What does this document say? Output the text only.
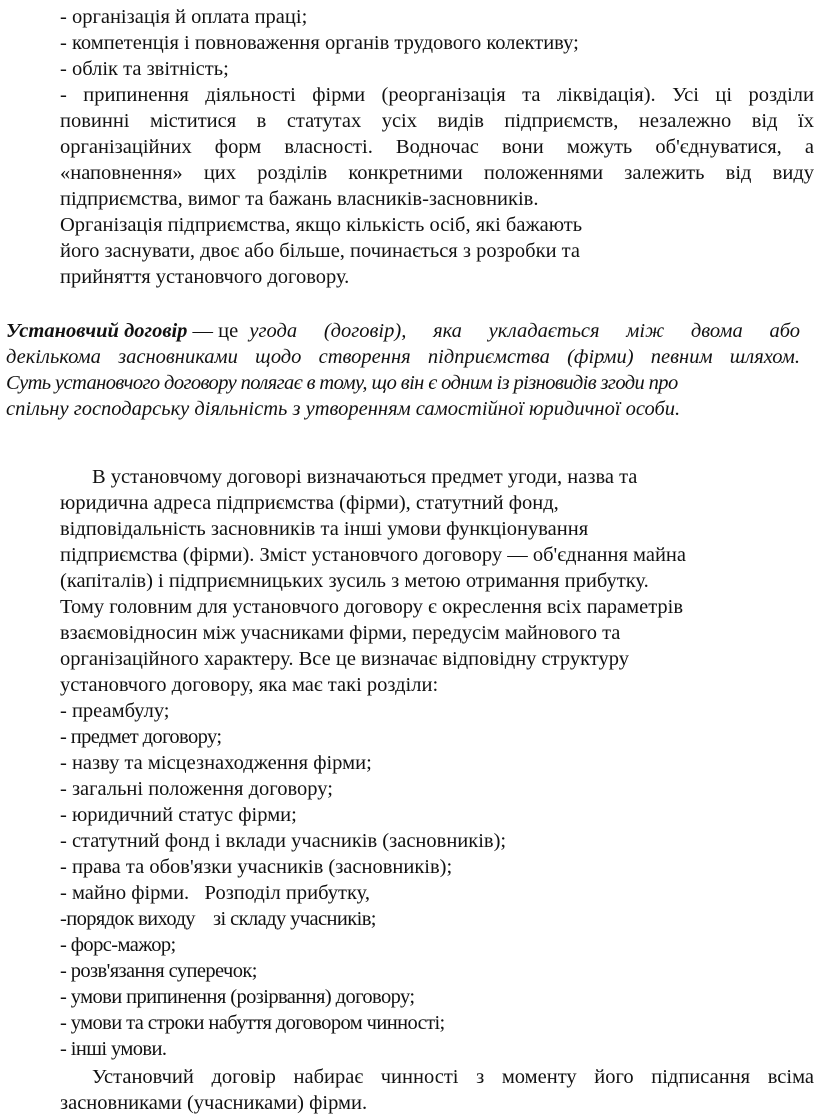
- організація й оплата праці;
- компетенція і повноваження органів трудового колективу;
- облік та звітність;
- припинення діяльності фірми (реорганізація та ліквідація). Усі ці розділи
повинні міститися в статутах усіх видів підприємств, незалежно від їх
організаційних форм власності. Водночас вони можуть об'єднуватися, а
«наповнення» цих розділів конкретними положеннями залежить від виду
підприємства, вимог та бажань власників-засновників.
Організація підприємства, якщо кількість осіб, які бажають
його заснувати, двоє або більше, починається з розробки та
прийняття установчого договору.
Установчий договір — це угода (договір), яка укладається між двома або
декількома засновниками щодо створення підприємства (фірми) певним шляхом.
Суть установчого договору полягає в тому, що він є одним із різновидів згоди про
спільну господарську діяльність з утворенням самостійної юридичної особи.
В установчому договорі визначаються предмет угоди, назва та
юридична адреса підприємства (фірми), статутний фонд,
відповідальність засновників та інші умови функціонування
підприємства (фірми). Зміст установчого договору — об'єднання майна
(капіталів) і підприємницьких зусиль з метою отримання прибутку.
Тому головним для установчого договору є окреслення всіх параметрів
взаємовідносин між учасниками фірми, передусім майнового та
організаційного характеру. Все це визначає відповідну структуру
установчого договору, яка має такі розділи:
- преамбулу;
- предмет договору;
- назву та місцезнаходження фірми;
- загальні положення договору;
- юридичний статус фірми;
- статутний фонд і вклади учасників (засновників);
- права та обов'язки учасників (засновників);
- майно фірми.   Розподіл прибутку,
-порядок виходу    зі складу учасників;
- форс-мажор;
- розв'язання суперечок;
- умови припинення (розірвання) договору;
- умови та строки набуття договором чинності;
- інші умови.
Установчий договір набирає чинності з моменту його підписання всіма
засновниками (учасниками) фірми.
